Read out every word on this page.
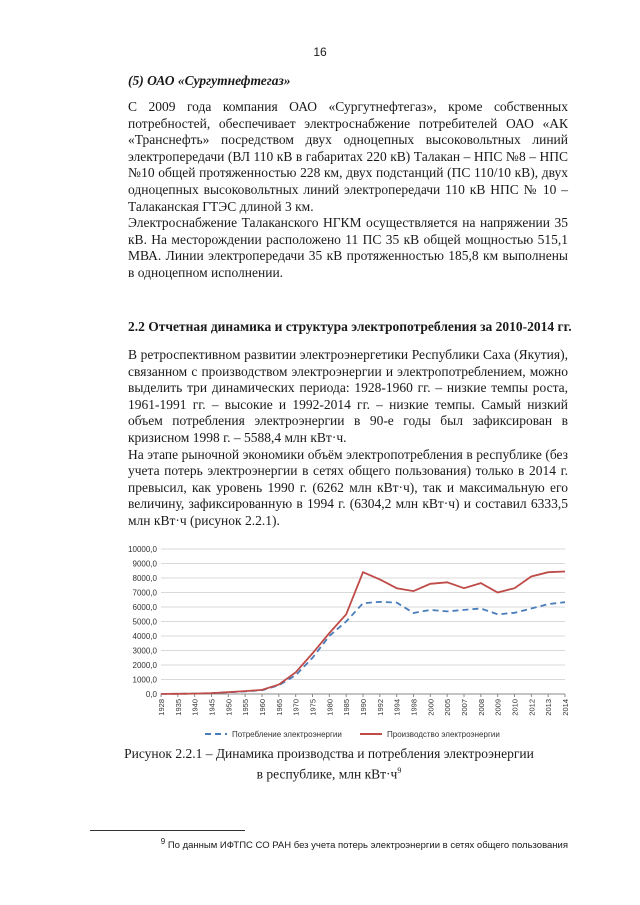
16
(5) ОАО «Сургутнефтегаз»
С 2009 года компания ОАО «Сургутнефтегаз», кроме собственных потребностей, обеспечивает электроснабжение потребителей ОАО «АК «Транснефть» посредством двух одноцепных высоковольтных линий электропередачи (ВЛ 110 кВ в габаритах 220 кВ) Талакан – НПС №8 – НПС №10 общей протяженностью 228 км, двух подстанций (ПС 110/10 кВ), двух одноцепных высоковольтных линий электропередачи 110 кВ НПС № 10 – Талаканская ГТЭС длиной 3 км.
Электроснабжение Талаканского НГКМ осуществляется на напряжении 35 кВ. На месторождении расположено 11 ПС 35 кВ общей мощностью 515,1 МВА. Линии электропередачи 35 кВ протяженностью 185,8 км выполнены в одноцепном исполнении.
2.2 Отчетная динамика и структура электропотребления за 2010-2014 гг.
В ретроспективном развитии электроэнергетики Республики Саха (Якутия), связанном с производством электроэнергии и электропотреблением, можно выделить три динамических периода: 1928-1960 гг. – низкие темпы роста, 1961-1991 гг. – высокие и 1992-2014 гг. – низкие темпы. Самый низкий объем потребления электроэнергии в 90-е годы был зафиксирован в кризисном 1998 г. – 5588,4 млн кВт·ч.
На этапе рыночной экономики объём электропотребления в республике (без учета потерь электроэнергии в сетях общего пользования) только в 2014 г. превысил, как уровень 1990 г. (6262 млн кВт·ч), так и максимальную его величину, зафиксированную в 1994 г. (6304,2 млн кВт·ч) и составил 6333,5 млн кВт·ч (рисунок 2.2.1).
0,0
1000,0
2000,0
3000,0
4000,0
5000,0
6000,0
7000,0
8000,0
9000,0
10000,0
1928 1935 1940 1945 1950 1955 1960 1965 1970 1975 1980 1985 1990 1992 1994 1998 2000 2005 2007 2008 2009 2010 2012 2013 2014
Потребление электроэнергии	Производство электроэнергии
Рисунок 2.2.1 – Динамика производства и потребления электроэнергии
в республике, млн $кВт\cdot ч^9$
$^9$ По данным ИФТПС СО РАН без учета потерь электроэнергии в сетях общего пользования
